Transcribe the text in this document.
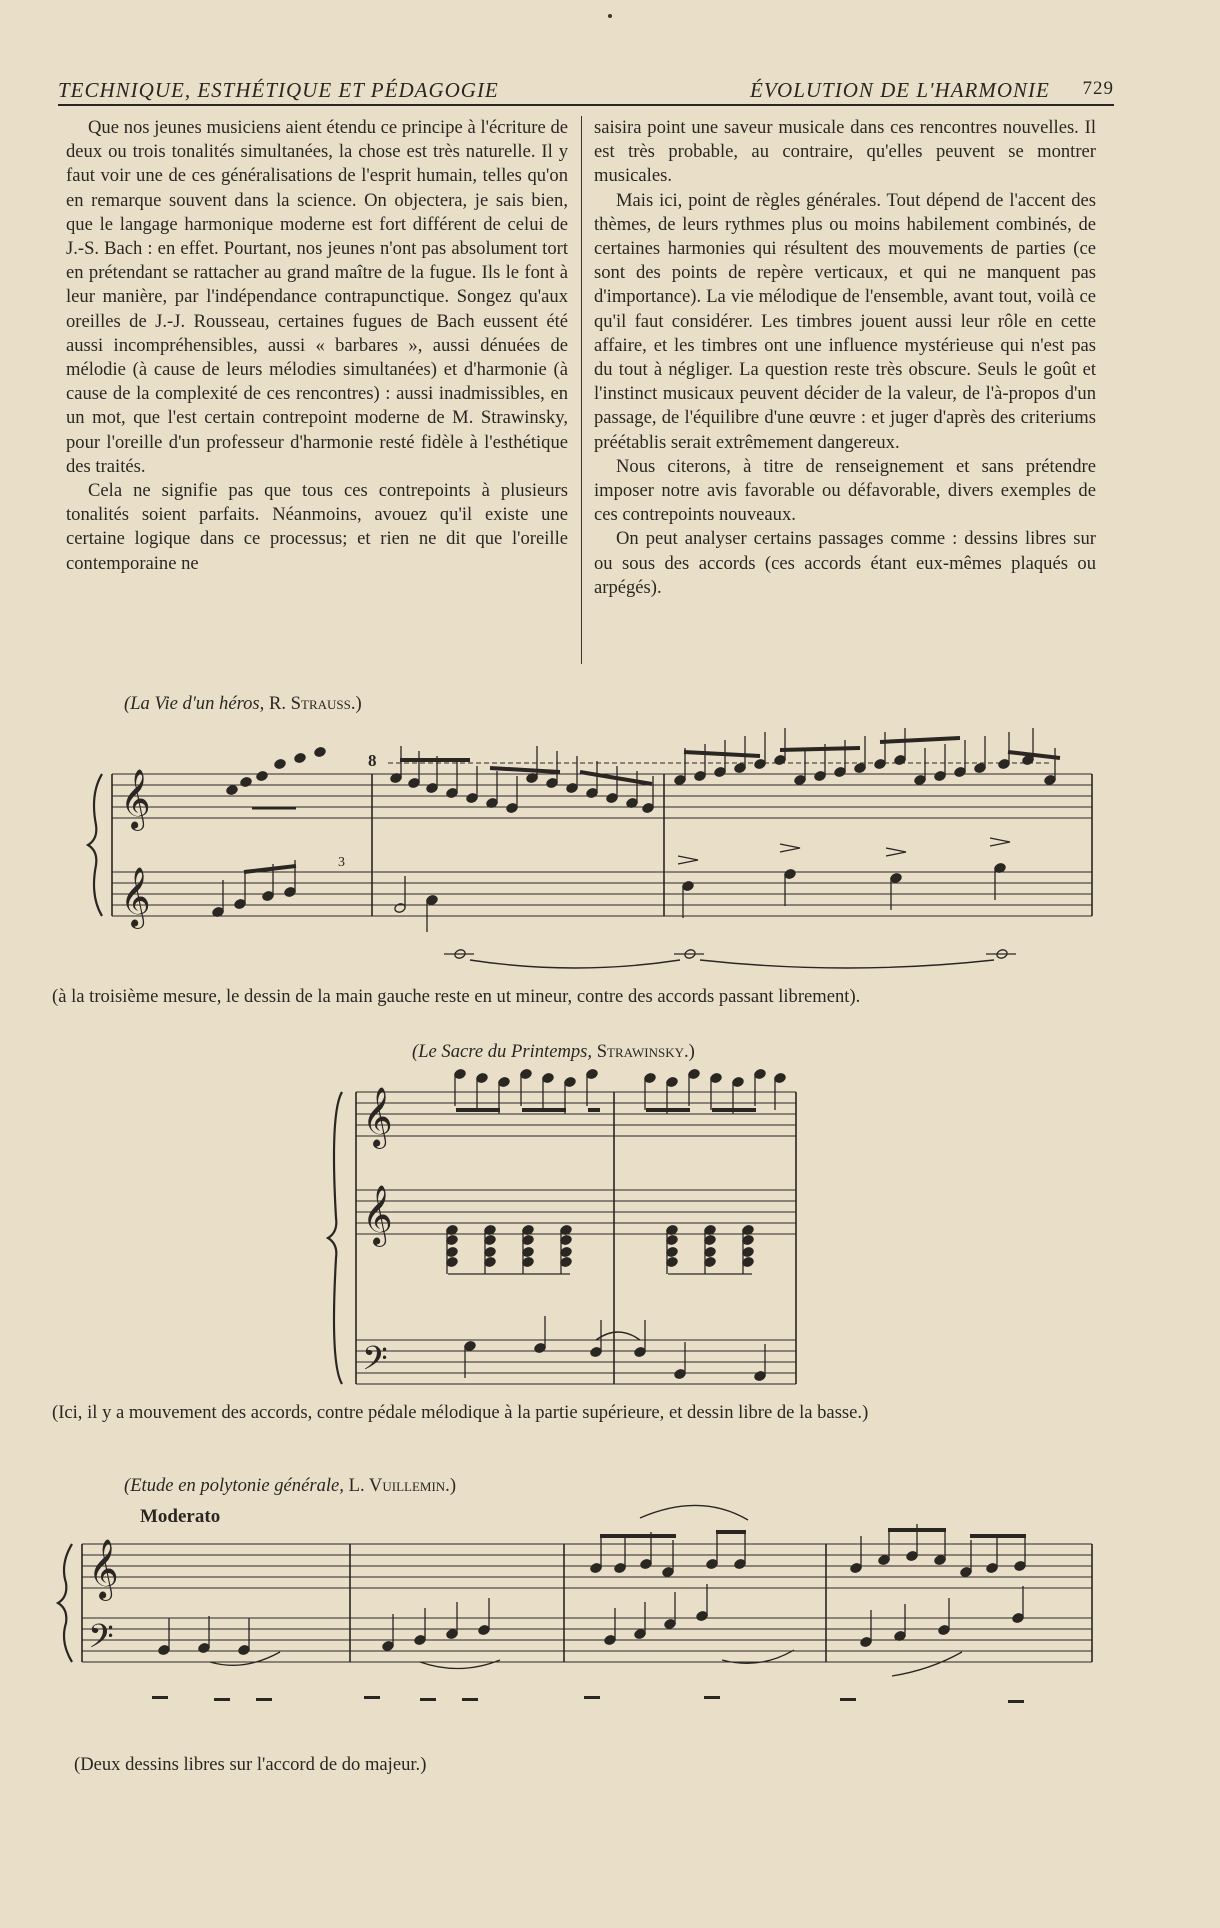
TECHNIQUE, ESTHÉTIQUE ET PÉDAGOGIE	ÉVOLUTION DE L'HARMONIE 729

Que nos jeunes musiciens aient étendu ce principe à l'écriture de deux ou trois tonalités simultanées, la chose est très naturelle. Il y faut voir une de ces généralisations de l'esprit humain, telles qu'on en remarque souvent dans la science. On objectera, je sais bien, que le langage harmonique moderne est fort différent de celui de J.-S. Bach : en effet. Pourtant, nos jeunes n'ont pas absolument tort en prétendant se rattacher au grand maître de la fugue. Ils le font à leur manière, par l'indépendance contrapunctique. Songez qu'aux oreilles de J.-J. Rousseau, certaines fugues de Bach eussent été aussi incompréhensibles, aussi « barbares », aussi dénuées de mélodie (à cause de leurs mélodies simultanées) et d'harmonie (à cause de la complexité de ces rencontres) : aussi inadmissibles, en un mot, que l'est certain contrepoint moderne de M. Strawinsky, pour l'oreille d'un professeur d'harmonie resté fidèle à l'esthétique des traités.

Cela ne signifie pas que tous ces contrepoints à plusieurs tonalités soient parfaits. Néanmoins, avouez qu'il existe une certaine logique dans ce processus; et rien ne dit que l'oreille contemporaine ne

saisira point une saveur musicale dans ces rencontres nouvelles. Il est très probable, au contraire, qu'elles peuvent se montrer musicales.

Mais ici, point de règles générales. Tout dépend de l'accent des thèmes, de leurs rythmes plus ou moins habilement combinés, de certaines harmonies qui résultent des mouvements de parties (ce sont des points de repère verticaux, et qui ne manquent pas d'importance). La vie mélodique de l'ensemble, avant tout, voilà ce qu'il faut considérer. Les timbres jouent aussi leur rôle en cette affaire, et les timbres ont une influence mystérieuse qui n'est pas du tout à négliger. La question reste très obscure. Seuls le goût et l'instinct musicaux peuvent décider de la valeur, de l'à-propos d'un passage, de l'équilibre d'une œuvre : et juger d'après des criteriums préétablis serait extrêmement dangereux.

Nous citerons, à titre de renseignement et sans prétendre imposer notre avis favorable ou défavorable, divers exemples de ces contrepoints nouveaux.

On peut analyser certains passages comme : dessins libres sur ou sous des accords (ces accords étant eux-mêmes plaqués ou arpégés).

(La Vie d'un héros, R. Strauss.)
(à la troisième mesure, le dessin de la main gauche reste en ut mineur, contre des accords passant librement).
(Le Sacre du Printemps, Strawinsky.)
(Ici, il y a mouvement des accords, contre pédale mélodique à la partie supérieure, et dessin libre de la basse.)
(Etude en polytonie générale, L. Vuillemin.)
Moderato
(Deux dessins libres sur l'accord de do majeur.)
𝄞
𝄞
𝄞
𝄞
𝄢
𝄞
𝄢
8
3
